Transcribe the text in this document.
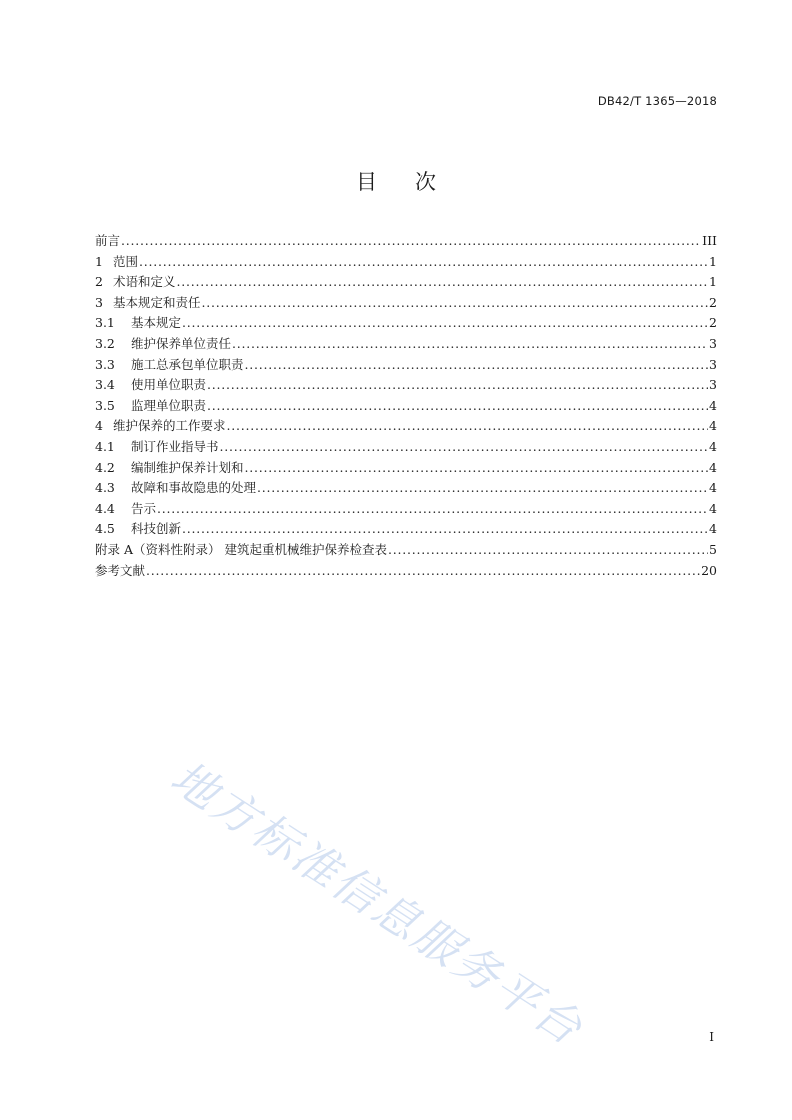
DB42/T 1365—2018
目 次
前言 . . .	III
1 范围 . . .	1
2 术语和定义 . . .	1
3 基本规定和责任 . . .	2
3.1	基本规定 . . .	2
3.2	维护保养单位责任 . . .	3
3.3	施工总承包单位职责 . . .	3
3.4	使用单位职责 . . .	3
3.5	监理单位职责 . . .	4
4 维护保养的工作要求 . . .	4
4.1	制订作业指导书 . . .	4
4.2	编制维护保养计划和 . . .	4
4.3	故障和事故隐患的处理 . . .	4
4.4	告示 . . .	4
4.5	科技创新 . . .	4
附录 A（资料性附录） 建筑起重机械维护保养检查表 . . .	5
参考文献 . . .	20
地方标准信息服务平台	I
